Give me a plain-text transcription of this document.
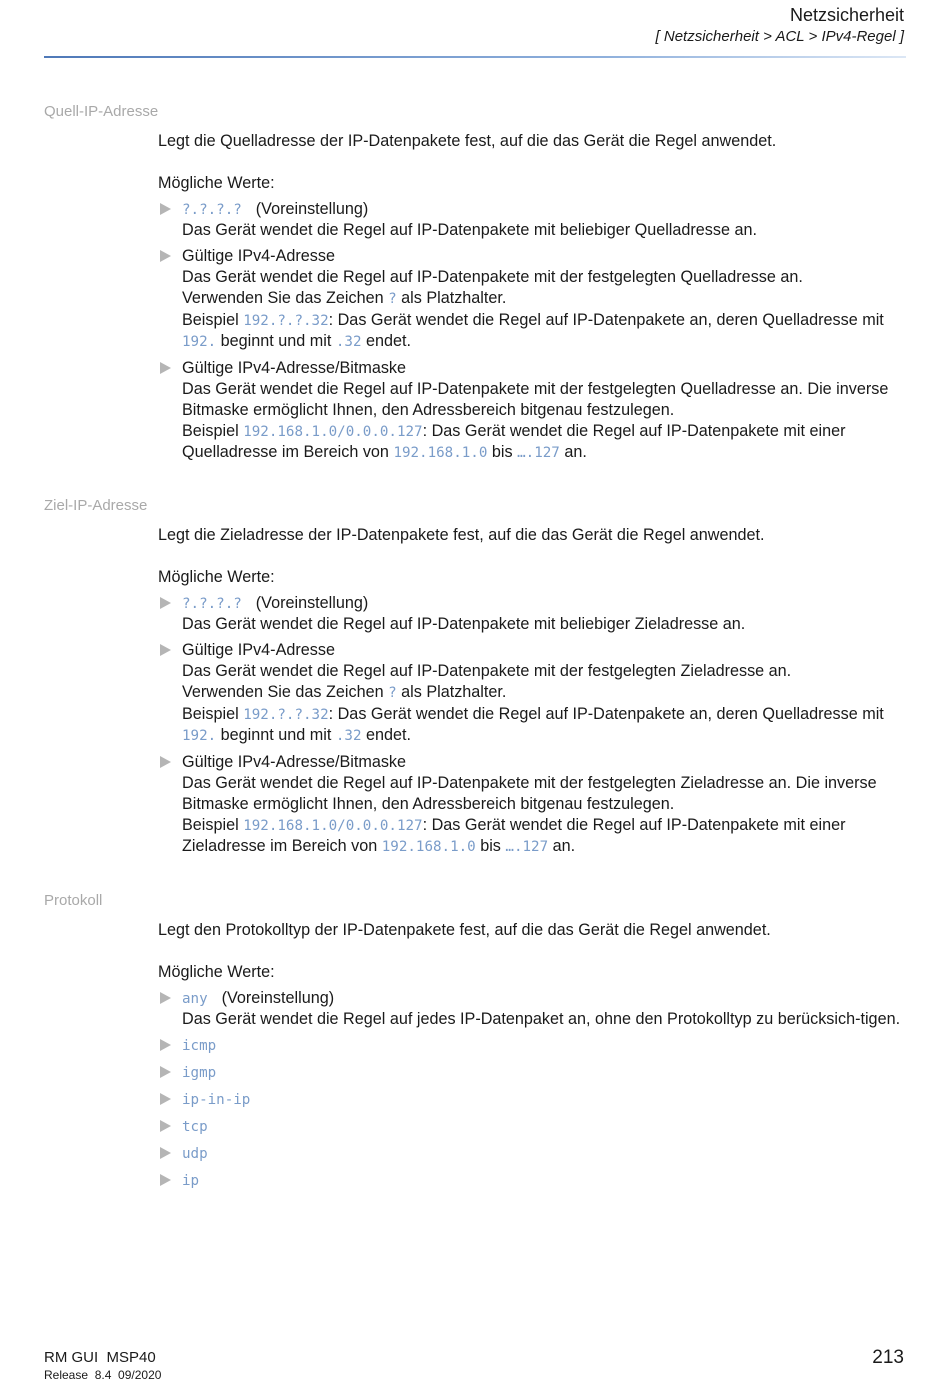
Netzsicherheit
[ Netzsicherheit > ACL > IPv4-Regel ]
Quell-IP-Adresse

Legt die Quelladresse der IP-Datenpakete fest, auf die das Gerät die Regel anwendet.

Mögliche Werte:

?.?.?.? (Voreinstellung)
Das Gerät wendet die Regel auf IP-Datenpakete mit beliebiger Quelladresse an.
Gültige IPv4-Adresse
Das Gerät wendet die Regel auf IP-Datenpakete mit der festgelegten Quelladresse an.
Verwenden Sie das Zeichen ? als Platzhalter.
Beispiel 192.?.?.32: Das Gerät wendet die Regel auf IP-Datenpakete an, deren Quelladresse mit 192. beginnt und mit .32 endet.
Gültige IPv4-Adresse/Bitmaske
Das Gerät wendet die Regel auf IP-Datenpakete mit der festgelegten Quelladresse an. Die inverse Bitmaske ermöglicht Ihnen, den Adressbereich bitgenau festzulegen.
Beispiel 192.168.1.0/0.0.0.127: Das Gerät wendet die Regel auf IP-Datenpakete mit einer Quelladresse im Bereich von 192.168.1.0 bis ….127 an.
Ziel-IP-Adresse

Legt die Zieladresse der IP-Datenpakete fest, auf die das Gerät die Regel anwendet.

Mögliche Werte:

?.?.?.? (Voreinstellung)
Das Gerät wendet die Regel auf IP-Datenpakete mit beliebiger Zieladresse an.
Gültige IPv4-Adresse
Das Gerät wendet die Regel auf IP-Datenpakete mit der festgelegten Zieladresse an.
Verwenden Sie das Zeichen ? als Platzhalter.
Beispiel 192.?.?.32: Das Gerät wendet die Regel auf IP-Datenpakete an, deren Quelladresse mit 192. beginnt und mit .32 endet.
Gültige IPv4-Adresse/Bitmaske
Das Gerät wendet die Regel auf IP-Datenpakete mit der festgelegten Zieladresse an. Die inverse Bitmaske ermöglicht Ihnen, den Adressbereich bitgenau festzulegen.
Beispiel 192.168.1.0/0.0.0.127: Das Gerät wendet die Regel auf IP-Datenpakete mit einer Zieladresse im Bereich von 192.168.1.0 bis ….127 an.
Protokoll

Legt den Protokolltyp der IP-Datenpakete fest, auf die das Gerät die Regel anwendet.

Mögliche Werte:

any (Voreinstellung)
Das Gerät wendet die Regel auf jedes IP-Datenpaket an, ohne den Protokolltyp zu berücksich-tigen.
icmp
igmp
ip-in-ip
tcp
udp
ip
RM GUI  MSP40
Release  8.4  09/2020
213
